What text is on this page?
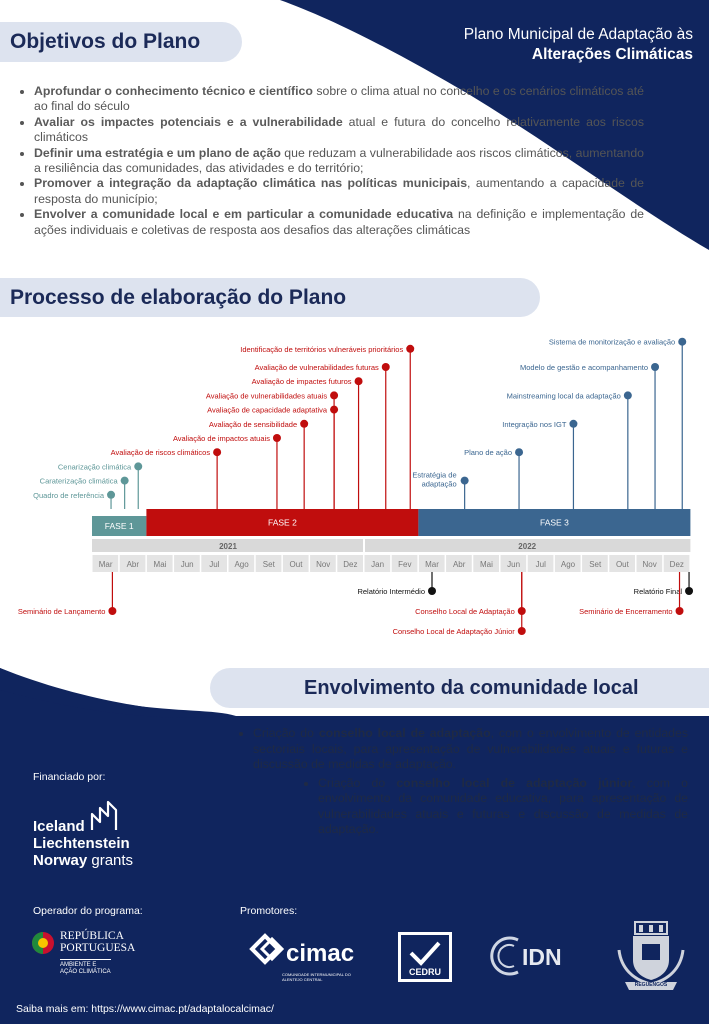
Plano Municipal de Adaptação às
Alterações Climáticas
Objetivos do Plano
• Aprofundar o conhecimento técnico e científico sobre o clima atual no concelho e os cenários climáticos até ao final do século
• Avaliar os impactes potenciais e a vulnerabilidade atual e futura do concelho relativamente aos riscos climáticos
• Definir uma estratégia e um plano de ação que reduzam a vulnerabilidade aos riscos climáticos, aumentando a resiliência das comunidades, das atividades e do território;
• Promover a integração da adaptação climática nas políticas municipais, aumentando a capacidade de resposta do município;
• Envolver a comunidade local e em particular a comunidade educativa na definição e implementação de ações individuais e coletivas de resposta aos desafios das alterações climáticas
Processo de elaboração do Plano
2021	2022
Mar Abr Mai Jun Jul Ago Set Out Nov Dez Jan Fev Mar Abr Mai Jun Jul Ago Set Out Nov Dez
FASE 1	FASE 2	FASE 3
Quadro de referência
Caraterização climática
Cenarização climática
Avaliação de riscos climáticos
Avaliação de impactos atuais
Avaliação de sensibilidade
Avaliação de capacidade adaptativa
Avaliação de vulnerabilidades atuais
Avaliação de impactes futuros
Avaliação de vulnerabilidades futuras
Identificação de territórios vulneráveis prioritários
Estratégia de
adaptação
Plano de ação
Integração nos IGT
Mainstreaming local da adaptação
Modelo de gestão e acompanhamento
Sistema de monitorização e avaliação
Seminário de Lançamento
Relatório Intermédio
Conselho Local de Adaptação
Conselho Local de Adaptação Júnior
Relatório Final
Seminário de Encerramento
Envolvimento da comunidade local
• Criação do conselho local de adaptação, com o envolvimento de entidades sectoriais locais, para apresentação de vulnerabilidades atuais e futuras e discussão de medidas de adaptação.
• Criação do conselho local de adaptação júnior, com o envolvimento da comunidade educativa, para apresentação de vulnerabilidades atuais e futuras e discussão de medidas de adaptação.
Financiado por:
Iceland
Liechtenstein
Norway grants
Operador do programa:	Promotores:
REPÚBLICA
PORTUGUESA
AMBIENTE E
AÇÃO CLIMÁTICA
cimac
COMUNIDADE INTERMUNICIPAL DO ALENTEJO CENTRAL
CEDRU
IDN
REGUENGOS
Saiba mais em: https://www.cimac.pt/adaptalocalcimac/
